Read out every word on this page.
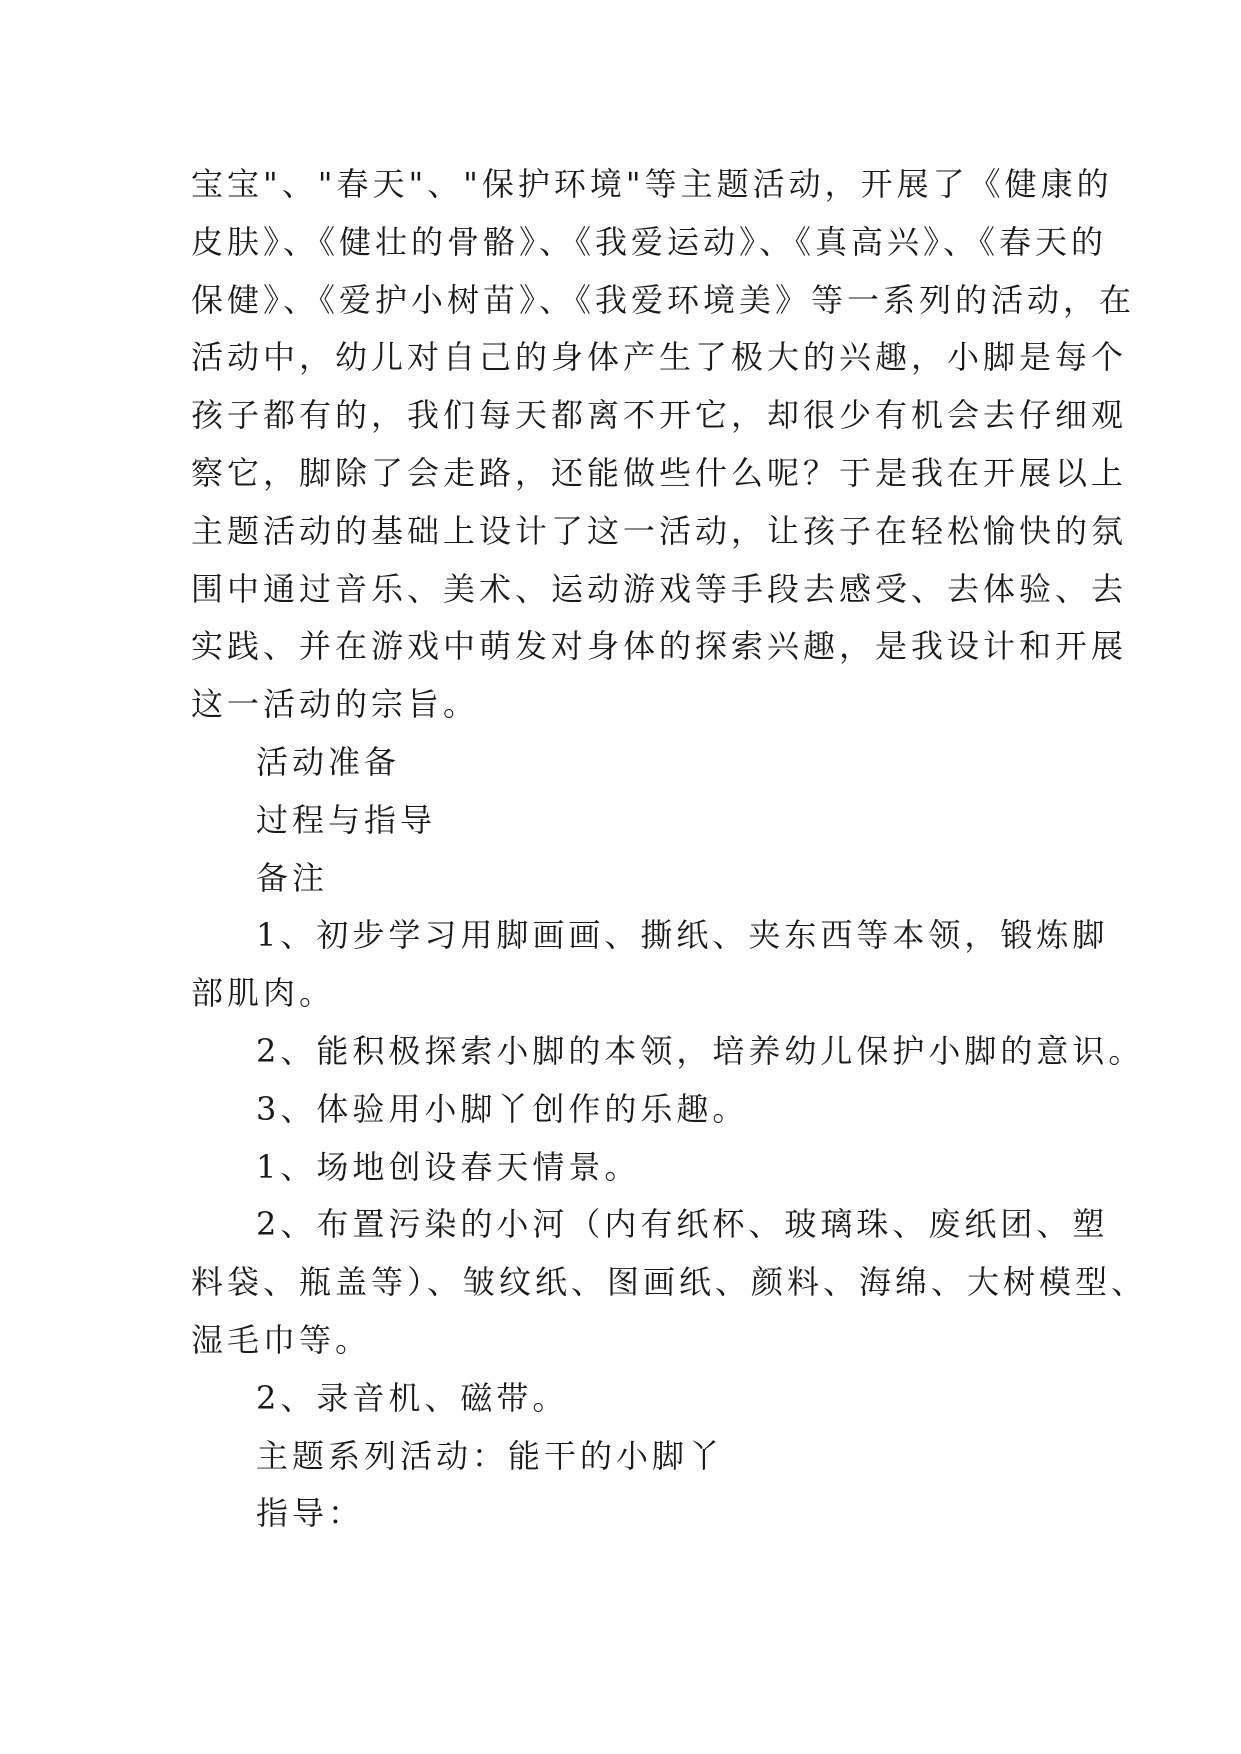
宝宝"、"春天"、"保护环境"等主题活动，开展了《健康的

皮肤》、《健壮的骨骼》、《我爱运动》、《真高兴》、《春天的

保健》、《爱护小树苗》、《我爱环境美》等一系列的活动，在

活动中，幼儿对自己的身体产生了极大的兴趣，小脚是每个

孩子都有的，我们每天都离不开它，却很少有机会去仔细观

察它，脚除了会走路，还能做些什么呢？于是我在开展以上

主题活动的基础上设计了这一活动，让孩子在轻松愉快的氛

围中通过音乐、美术、运动游戏等手段去感受、去体验、去

实践、并在游戏中萌发对身体的探索兴趣，是我设计和开展

这一活动的宗旨。

活动准备

过程与指导

备注

1、初步学习用脚画画、撕纸、夹东西等本领，锻炼脚

部肌肉。

2、能积极探索小脚的本领，培养幼儿保护小脚的意识。

3、体验用小脚丫创作的乐趣。

1、场地创设春天情景。

2、布置污染的小河（内有纸杯、玻璃珠、废纸团、塑

料袋、瓶盖等）、皱纹纸、图画纸、颜料、海绵、大树模型、

湿毛巾等。

2、录音机、磁带。

主题系列活动：能干的小脚丫

指导：
